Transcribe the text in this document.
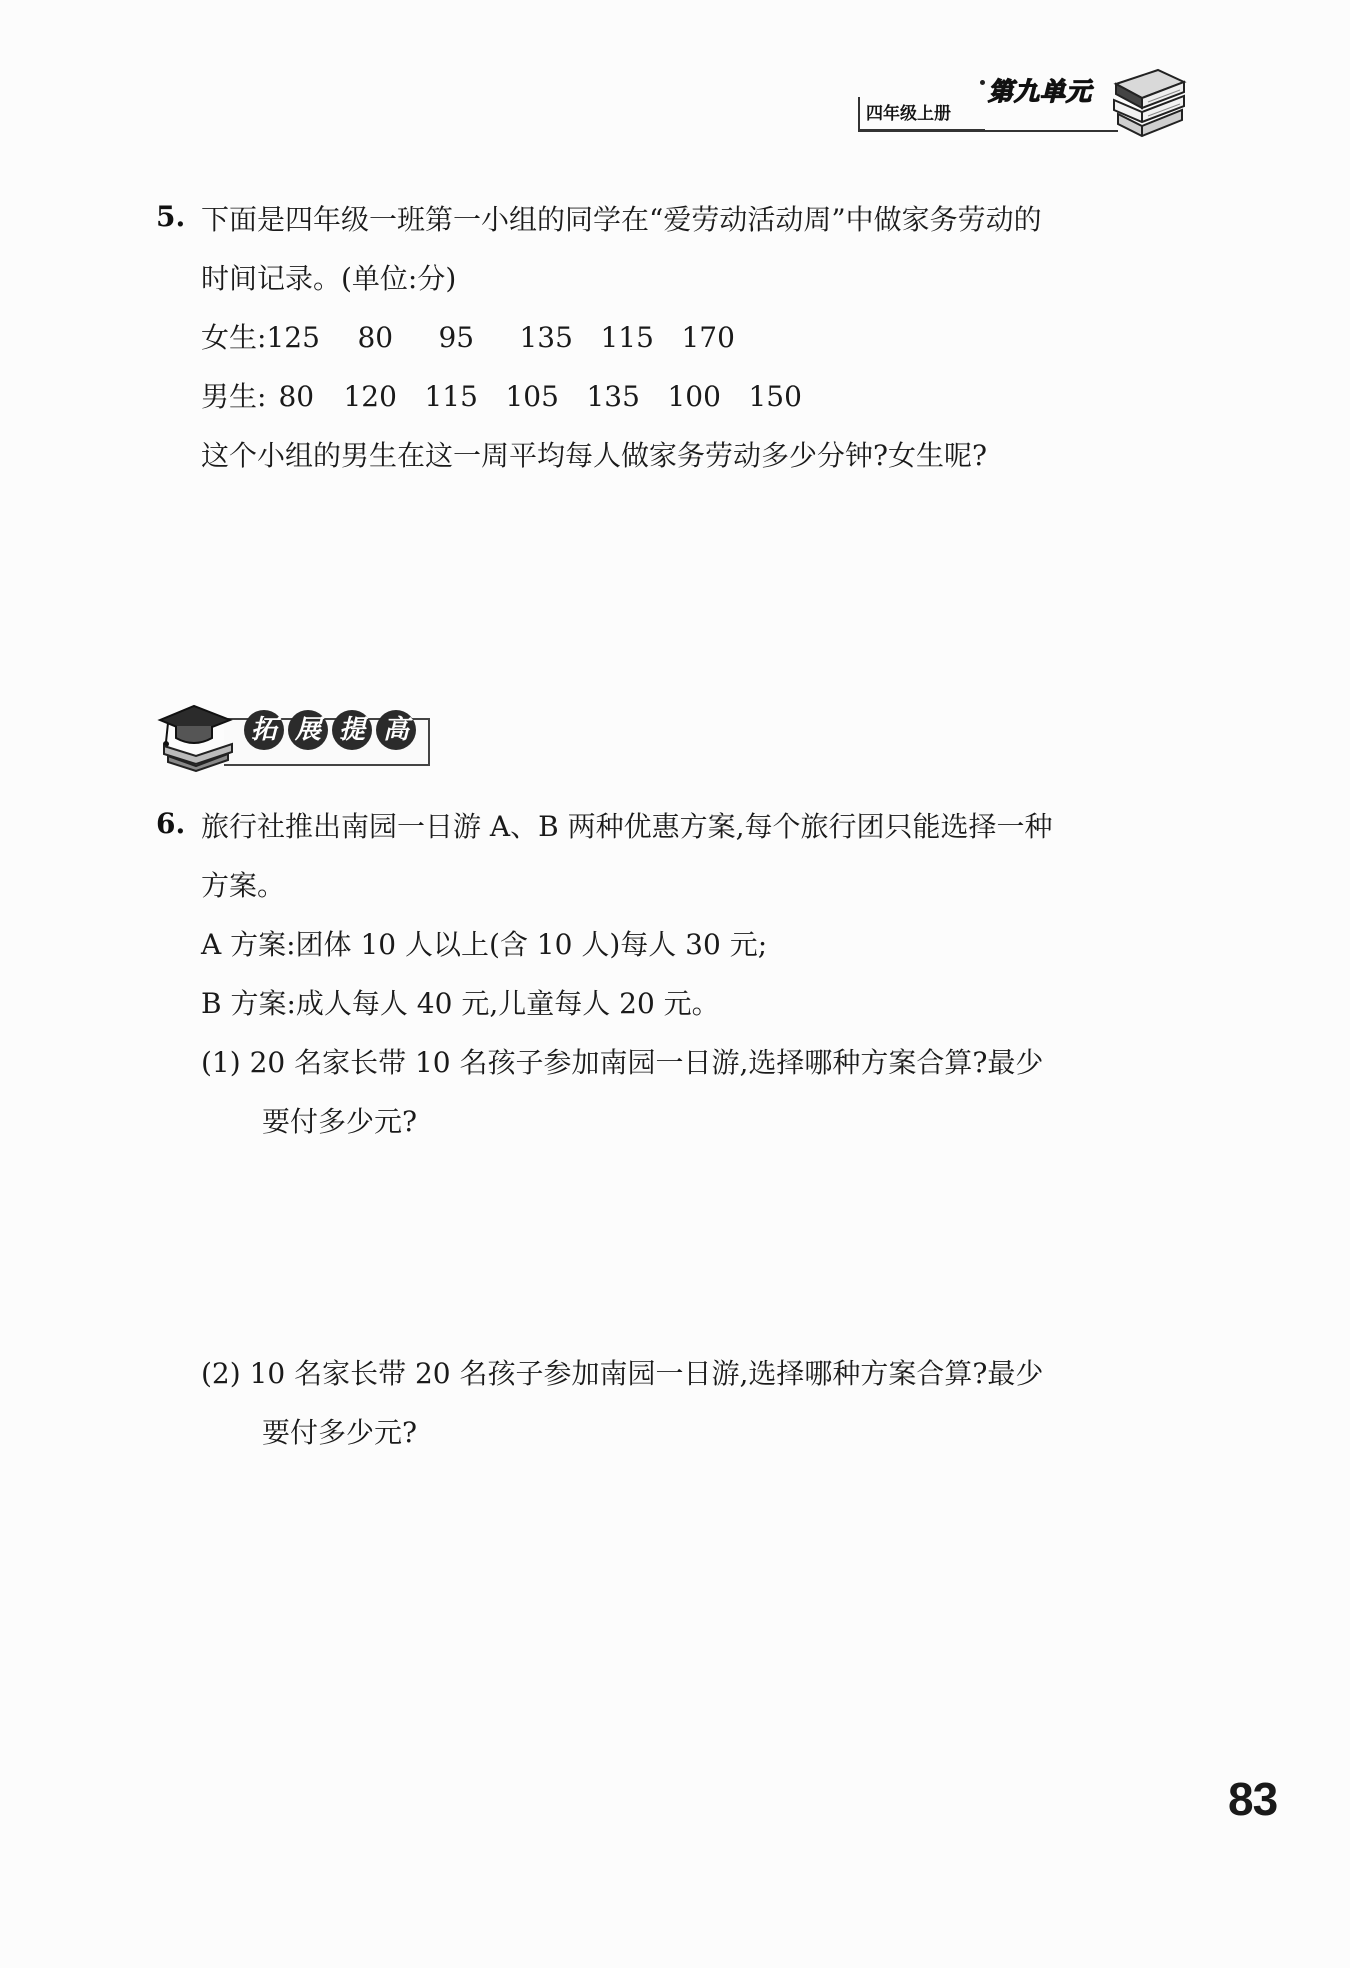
四年级上册
第九单元
5. 下面是四年级一班第一小组的同学在“爱劳动活动周”中做家务劳动的
时间记录。(单位:分)
女生:125 80 95 135 115 170
男生: 80 120 115 105 135 100 150
这个小组的男生在这一周平均每人做家务劳动多少分钟?女生呢?
拓 展 提 高
6. 旅行社推出南园一日游 A、B 两种优惠方案,每个旅行团只能选择一种
方案。
A 方案:团体 10 人以上(含 10 人)每人 30 元;
B 方案:成人每人 40 元,儿童每人 20 元。
(1) 20 名家长带 10 名孩子参加南园一日游,选择哪种方案合算?最少
要付多少元?
(2) 10 名家长带 20 名孩子参加南园一日游,选择哪种方案合算?最少
要付多少元?
83
